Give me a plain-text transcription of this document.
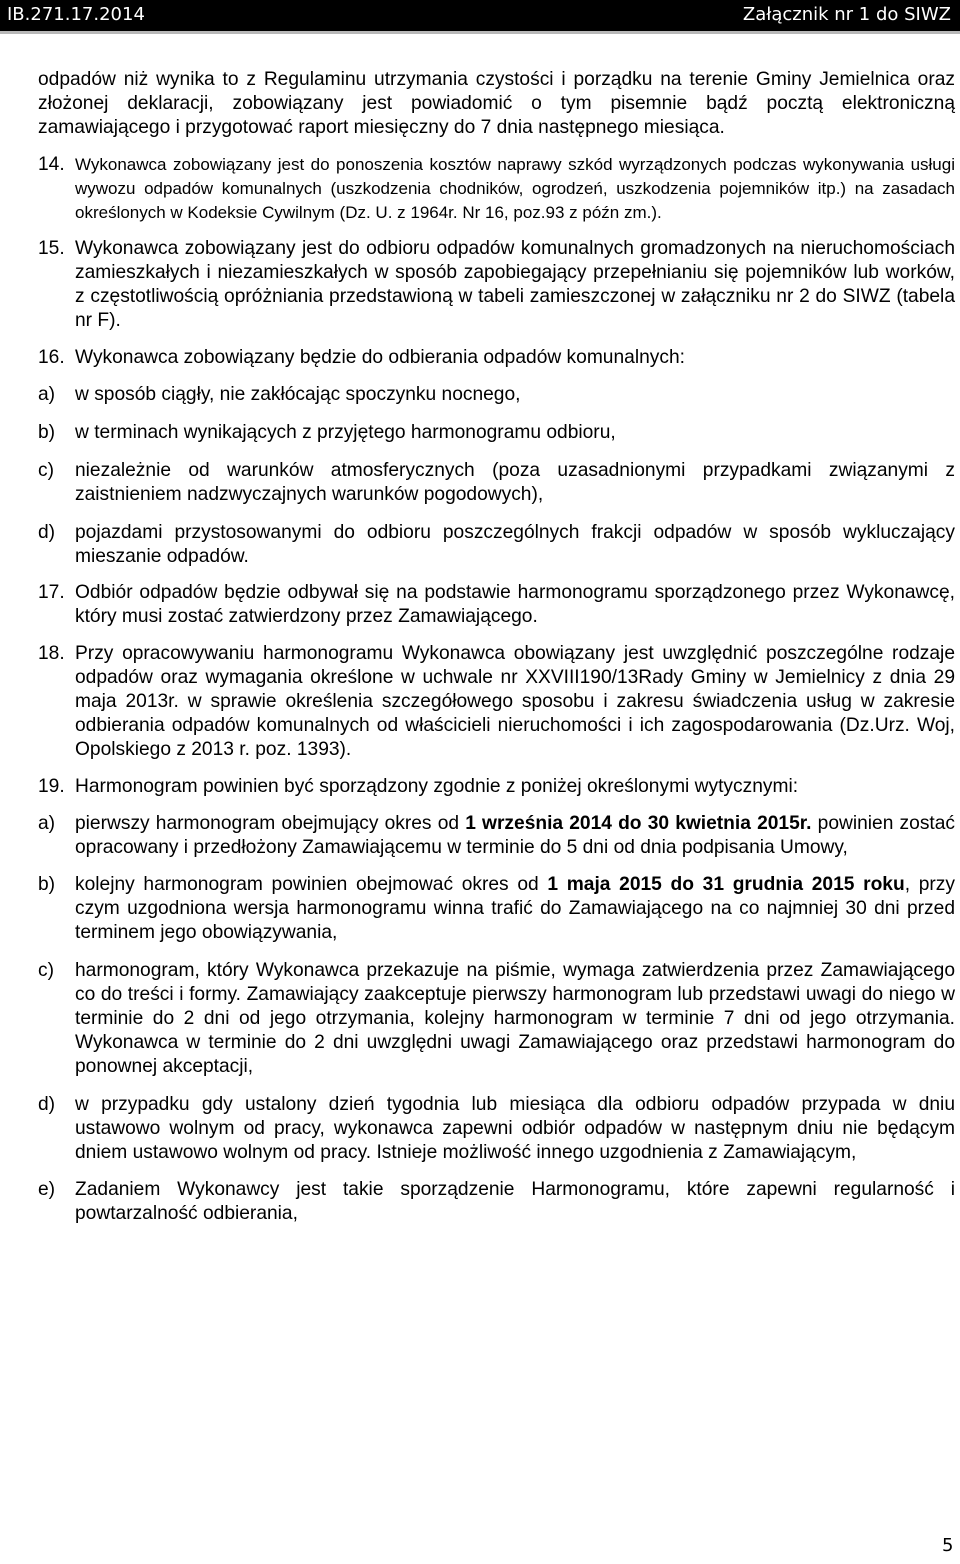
IB.271.17.2014	Załącznik nr 1 do SIWZ
odpadów niż wynika to z Regulaminu utrzymania czystości i porządku na terenie Gminy Jemielnica oraz złożonej deklaracji, zobowiązany jest powiadomić o tym pisemnie bądź pocztą elektroniczną zamawiającego i przygotować raport miesięczny do 7 dnia następnego miesiąca.
14. Wykonawca zobowiązany jest do ponoszenia kosztów naprawy szkód wyrządzonych podczas wykonywania usługi wywozu odpadów komunalnych (uszkodzenia chodników, ogrodzeń, uszkodzenia pojemników itp.) na zasadach określonych w Kodeksie Cywilnym (Dz. U. z 1964r. Nr 16, poz.93 z późn zm.).
15. Wykonawca zobowiązany jest do odbioru odpadów komunalnych gromadzonych na nieruchomościach zamieszkałych i niezamieszkałych w sposób zapobiegający przepełnianiu się pojemników lub worków, z częstotliwością opróżniania przedstawioną w tabeli zamieszczonej w załączniku nr 2 do SIWZ (tabela nr F).
16. Wykonawca zobowiązany będzie do odbierania odpadów komunalnych:
a)	w sposób ciągły, nie zakłócając spoczynku nocnego,
b)	w terminach wynikających z przyjętego harmonogramu odbioru,
c)	niezależnie od warunków atmosferycznych (poza uzasadnionymi przypadkami związanymi z zaistnieniem nadzwyczajnych warunków pogodowych),
d)	pojazdami przystosowanymi do odbioru poszczególnych frakcji odpadów w sposób wykluczający mieszanie odpadów.
17. Odbiór odpadów będzie odbywał się na podstawie harmonogramu sporządzonego przez Wykonawcę, który musi zostać zatwierdzony przez Zamawiającego.
18. Przy opracowywaniu harmonogramu Wykonawca obowiązany jest uwzględnić poszczególne rodzaje odpadów oraz wymagania określone w uchwale nr XXVIII190/13Rady Gminy w Jemielnicy z dnia 29 maja 2013r. w sprawie określenia szczegółowego sposobu i zakresu świadczenia usług w zakresie odbierania odpadów komunalnych od właścicieli nieruchomości i ich zagospodarowania (Dz.Urz. Woj, Opolskiego z 2013 r. poz. 1393).
19. Harmonogram powinien być sporządzony zgodnie z poniżej określonymi wytycznymi:
a)	pierwszy harmonogram obejmujący okres od 1 września 2014 do 30 kwietnia 2015r. powinien zostać opracowany i przedłożony Zamawiającemu w terminie do 5 dni od dnia podpisania Umowy,
b)	kolejny harmonogram powinien obejmować okres od 1 maja 2015 do 31 grudnia 2015 roku, przy czym uzgodniona wersja harmonogramu winna trafić do Zamawiającego na co najmniej 30 dni przed terminem jego obowiązywania,
c)	harmonogram, który Wykonawca przekazuje na piśmie, wymaga zatwierdzenia przez Zamawiającego co do treści i formy. Zamawiający zaakceptuje pierwszy harmonogram lub przedstawi uwagi do niego w terminie do 2 dni od jego otrzymania, kolejny harmonogram w terminie 7 dni od jego otrzymania. Wykonawca w terminie do 2 dni uwzględni uwagi Zamawiającego oraz przedstawi harmonogram do ponownej akceptacji,
d)	w przypadku gdy ustalony dzień tygodnia lub miesiąca dla odbioru odpadów przypada w dniu ustawowo wolnym od pracy, wykonawca zapewni odbiór odpadów w następnym dniu nie będącym dniem ustawowo wolnym od pracy. Istnieje możliwość innego uzgodnienia z Zamawiającym,
e)	Zadaniem Wykonawcy jest takie sporządzenie Harmonogramu, które zapewni regularność i powtarzalność odbierania,
5
